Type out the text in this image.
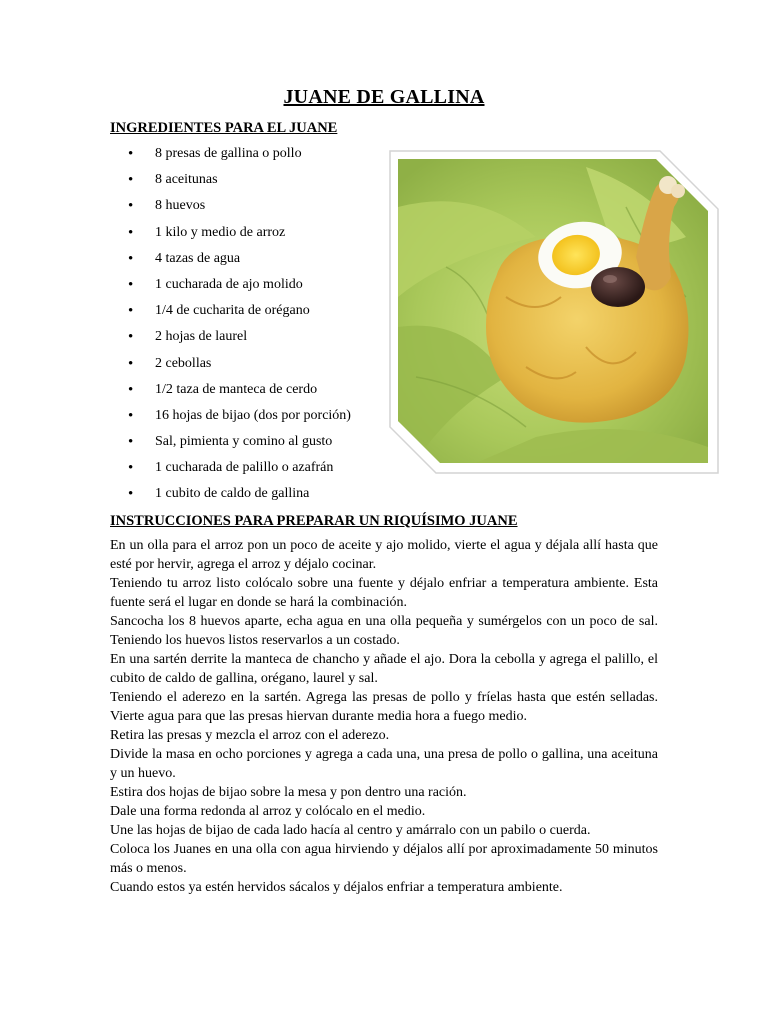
JUANE DE GALLINA
INGREDIENTES PARA EL JUANE
• 8 presas de gallina o pollo
• 8 aceitunas
• 8 huevos
• 1 kilo y medio de arroz
• 4 tazas de agua
• 1 cucharada de ajo molido
• 1/4 de cucharita de orégano
• 2 hojas de laurel
• 2 cebollas
• 1/2 taza de manteca de cerdo
• 16 hojas de bijao (dos por porción)
• Sal, pimienta y comino al gusto
• 1 cucharada de palillo o azafrán
• 1 cubito de caldo de gallina
INSTRUCCIONES PARA PREPARAR UN RIQUÍSIMO JUANE

En un olla para el arroz pon un poco de aceite y ajo molido, vierte el agua y déjala allí hasta que esté por hervir, agrega el arroz y déjalo cocinar.

Teniendo tu arroz listo colócalo sobre una fuente y déjalo enfriar a temperatura ambiente. Esta fuente será el lugar en donde se hará la combinación.

Sancocha los 8 huevos aparte, echa agua en una olla pequeña y sumérgelos con un poco de sal. Teniendo los huevos listos reservarlos a un costado.

En una sartén derrite la manteca de chancho y añade el ajo. Dora la cebolla y agrega el palillo, el cubito de caldo de gallina, orégano, laurel y sal.

Teniendo el aderezo en la sartén. Agrega las presas de pollo y fríelas hasta que estén selladas. Vierte agua para que las presas hiervan durante media hora a fuego medio.

Retira las presas y mezcla el arroz con el aderezo.

Divide la masa en ocho porciones y agrega a cada una, una presa de pollo o gallina, una aceituna y un huevo.

Estira dos hojas de bijao sobre la mesa y pon dentro una ración.

Dale una forma redonda al arroz y colócalo en el medio.

Une las hojas de bijao de cada lado hacía al centro y amárralo con un pabilo o cuerda.

Coloca los Juanes en una olla con agua hirviendo y déjalos allí por aproximadamente 50 minutos más o menos.

Cuando estos ya estén hervidos sácalos y déjalos enfriar a temperatura ambiente.
